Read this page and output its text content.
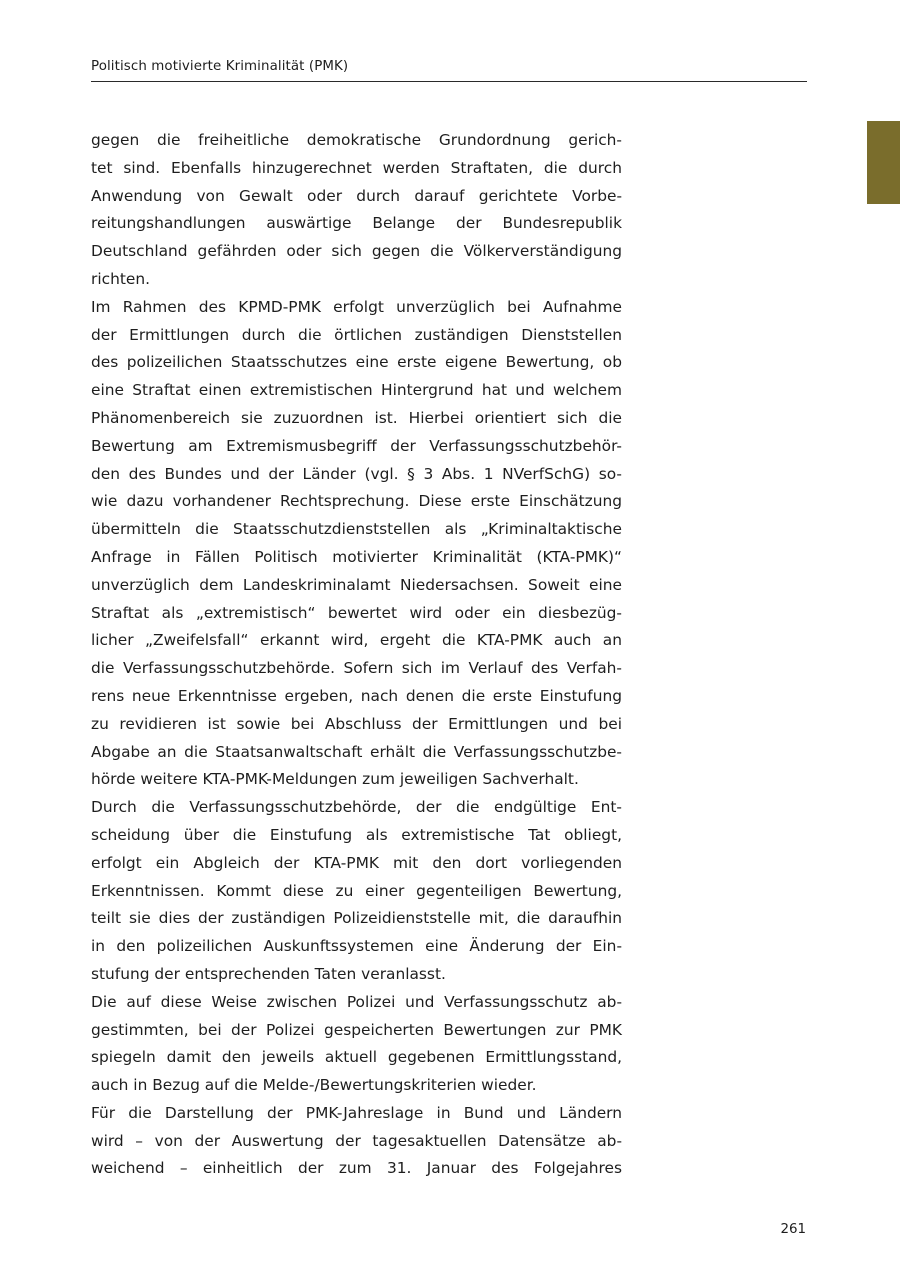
Politisch motivierte Kriminalität (PMK)
gegen die freiheitliche demokratische Grundordnung gerich-
tet sind. Ebenfalls hinzugerechnet werden Straftaten, die durch
Anwendung von Gewalt oder durch darauf gerichtete Vorbe-
reitungshandlungen auswärtige Belange der Bundesrepublik
Deutschland gefährden oder sich gegen die Völkerverständigung
richten.
Im Rahmen des KPMD-PMK erfolgt unverzüglich bei Aufnahme
der Ermittlungen durch die örtlichen zuständigen Dienststellen
des polizeilichen Staatsschutzes eine erste eigene Bewertung, ob
eine Straftat einen extremistischen Hintergrund hat und welchem
Phänomenbereich sie zuzuordnen ist. Hierbei orientiert sich die
Bewertung am Extremismusbegriff der Verfassungsschutzbehör-
den des Bundes und der Länder (vgl. § 3 Abs. 1 NVerfSchG) so-
wie dazu vorhandener Rechtsprechung. Diese erste Einschätzung
übermitteln die Staatsschutzdienststellen als „Kriminaltaktische
Anfrage in Fällen Politisch motivierter Kriminalität (KTA-PMK)“
unverzüglich dem Landeskriminalamt Niedersachsen. Soweit eine
Straftat als „extremistisch“ bewertet wird oder ein diesbezüg-
licher „Zweifelsfall“ erkannt wird, ergeht die KTA-PMK auch an
die Verfassungsschutzbehörde. Sofern sich im Verlauf des Verfah-
rens neue Erkenntnisse ergeben, nach denen die erste Einstufung
zu revidieren ist sowie bei Abschluss der Ermittlungen und bei
Abgabe an die Staatsanwaltschaft erhält die Verfassungsschutzbe-
hörde weitere KTA-PMK-Meldungen zum jeweiligen Sachverhalt.
Durch die Verfassungsschutzbehörde, der die endgültige Ent-
scheidung über die Einstufung als extremistische Tat obliegt,
erfolgt ein Abgleich der KTA-PMK mit den dort vorliegenden
Erkenntnissen. Kommt diese zu einer gegenteiligen Bewertung,
teilt sie dies der zuständigen Polizeidienststelle mit, die daraufhin
in den polizeilichen Auskunftssystemen eine Änderung der Ein-
stufung der entsprechenden Taten veranlasst.
Die auf diese Weise zwischen Polizei und Verfassungsschutz ab-
gestimmten, bei der Polizei gespeicherten Bewertungen zur PMK
spiegeln damit den jeweils aktuell gegebenen Ermittlungsstand,
auch in Bezug auf die Melde-/Bewertungskriterien wieder.
Für die Darstellung der PMK-Jahreslage in Bund und Ländern
wird – von der Auswertung der tagesaktuellen Datensätze ab-
weichend – einheitlich der zum 31. Januar des Folgejahres
261
